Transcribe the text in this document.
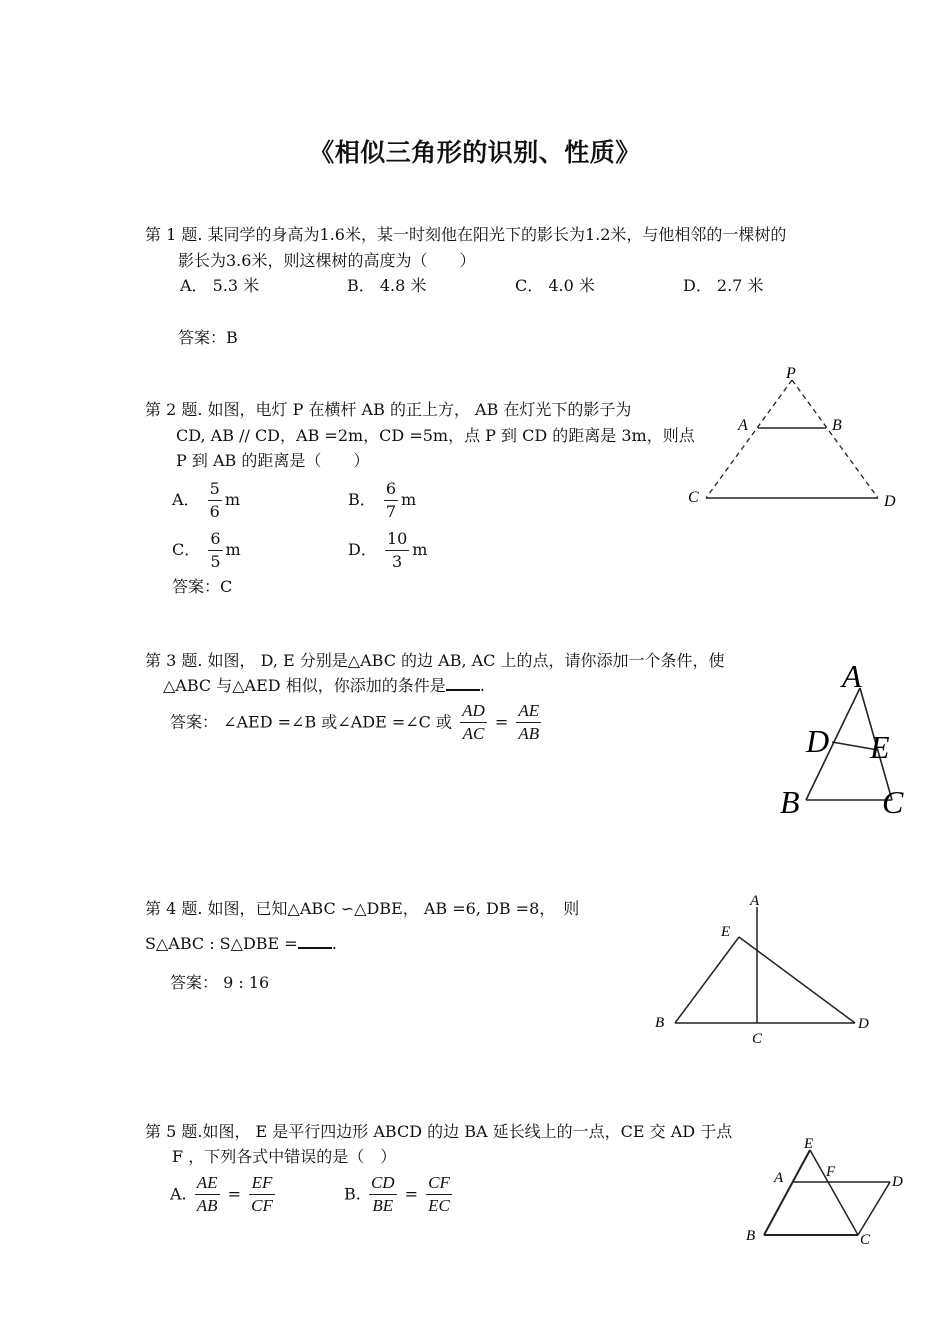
《相似三角形的识别、性质》
第 1 题. 某同学的身高为1.6米，某一时刻他在阳光下的影长为1.2米，与他相邻的一棵树的
影长为3.6米，则这棵树的高度为（　　）
A． 5.3 米	B． 4.8 米	C． 4.0 米	D． 2.7 米
答案：B
第 2 题. 如图，电灯 P 在横杆 AB 的正上方， AB 在灯光下的影子为
CD, AB // CD，AB =2m，CD =5m，点 P 到 CD 的距离是 3m，则点
P 到 AB 的距离是（　　）
A． $\frac{5}{6}$ m	B． $\frac{6}{7}$ m
C． $\frac{6}{5}$ m	D． $\frac{10}{3}$ m
答案：C
P
A	B
C	D
第 3 题. 如图， D, E 分别是△ABC 的边 AB, AC 上的点，请你添加一个条件，使
△ABC 与△AED 相似，你添加的条件是 .
答案： ∠AED =∠B 或∠ADE =∠C 或 $\frac{AD}{AC} = \frac{AE}{AB}$
A
D E
B	C
第 4 题. 如图，已知△ABC ∽△DBE， AB =6, DB =8，　则
S△ABC : S△DBE = .
答案： 9 : 16
A
E
B
C
D
第 5 题.如图， E 是平行四边形 ABCD 的边 BA 延长线上的一点，CE 交 AD 于点
F ，下列各式中错误的是（　）
A. $\frac{AE}{AB} = \frac{EF}{CF}$	B. $\frac{CD}{BE} = \frac{CF}{EC}$
E
A	F
D
B	C
